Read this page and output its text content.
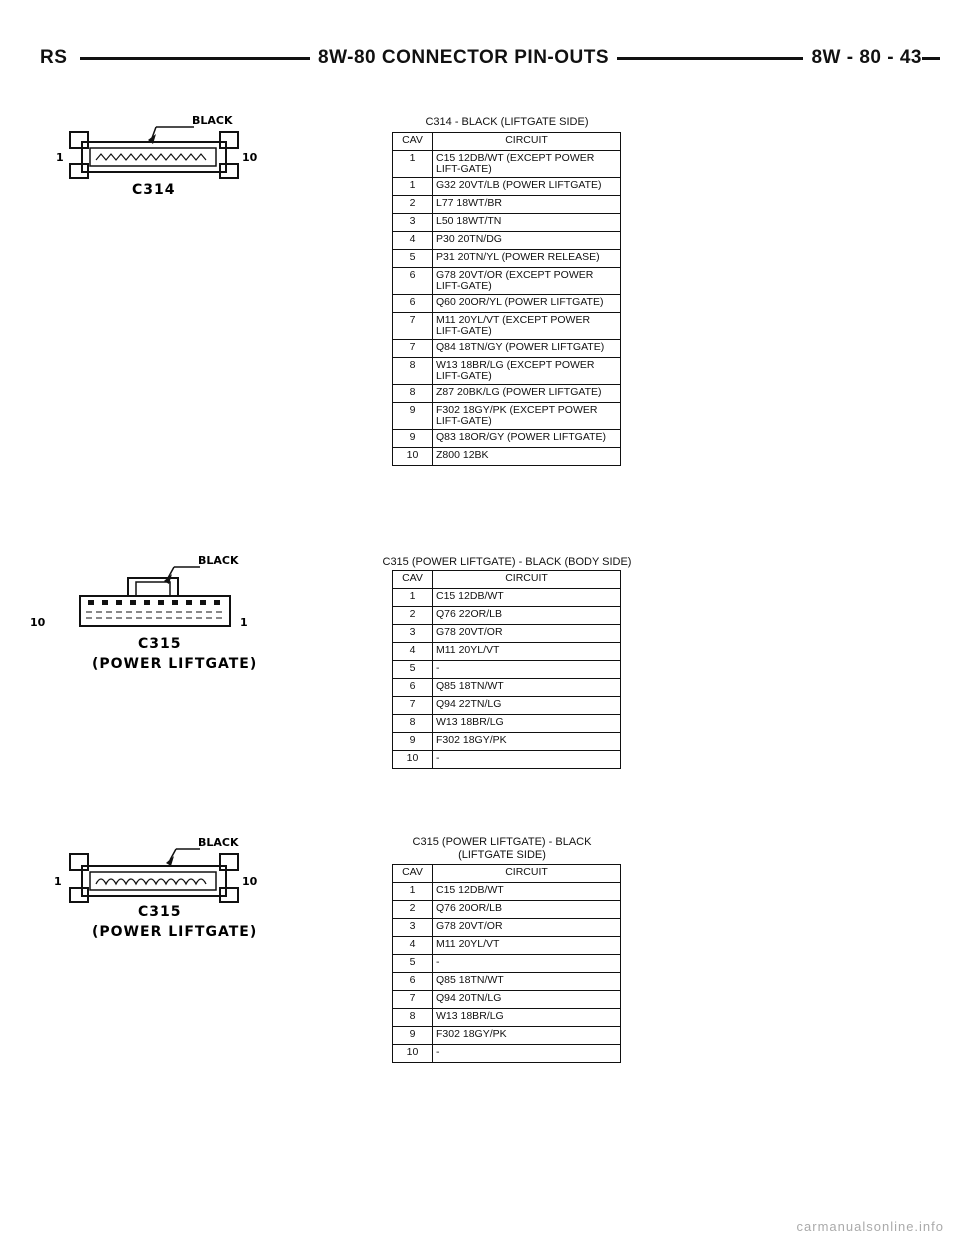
RS	8W-80 CONNECTOR PIN-OUTS	8W - 80 - 43
BLACK
1	10
C314
C314 - BLACK (LIFTGATE SIDE)
CAV	CIRCUIT
1	C15 12DB/WT (EXCEPT POWER LIFT-GATE)
1	G32 20VT/LB (POWER LIFTGATE)
2	L77 18WT/BR
3	L50 18WT/TN
4	P30 20TN/DG
5	P31 20TN/YL (POWER RELEASE)
6	G78 20VT/OR (EXCEPT POWER LIFT-GATE)
6	Q60 20OR/YL (POWER LIFTGATE)
7	M11 20YL/VT (EXCEPT POWER LIFT-GATE)
7	Q84 18TN/GY (POWER LIFTGATE)
8	W13 18BR/LG (EXCEPT POWER LIFT-GATE)
8	Z87 20BK/LG (POWER LIFTGATE)
9	F302 18GY/PK (EXCEPT POWER LIFT-GATE)
9	Q83 18OR/GY (POWER LIFTGATE)
10	Z800 12BK
BLACK
10	1
C315
(POWER LIFTGATE)
C315 (POWER LIFTGATE) - BLACK (BODY SIDE)
CAV	CIRCUIT
1	C15 12DB/WT
2	Q76 22OR/LB
3	G78 20VT/OR
4	M11 20YL/VT
5	-
6	Q85 18TN/WT
7	Q94 22TN/LG
8	W13 18BR/LG
9	F302 18GY/PK
10	-
BLACK
1	10
C315
(POWER LIFTGATE)
C315 (POWER LIFTGATE) - BLACK (LIFTGATE SIDE)
CAV	CIRCUIT
1	C15 12DB/WT
2	Q76 20OR/LB
3	G78 20VT/OR
4	M11 20YL/VT
5	-
6	Q85 18TN/WT
7	Q94 20TN/LG
8	W13 18BR/LG
9	F302 18GY/PK
10	-
carmanualsonline.info
